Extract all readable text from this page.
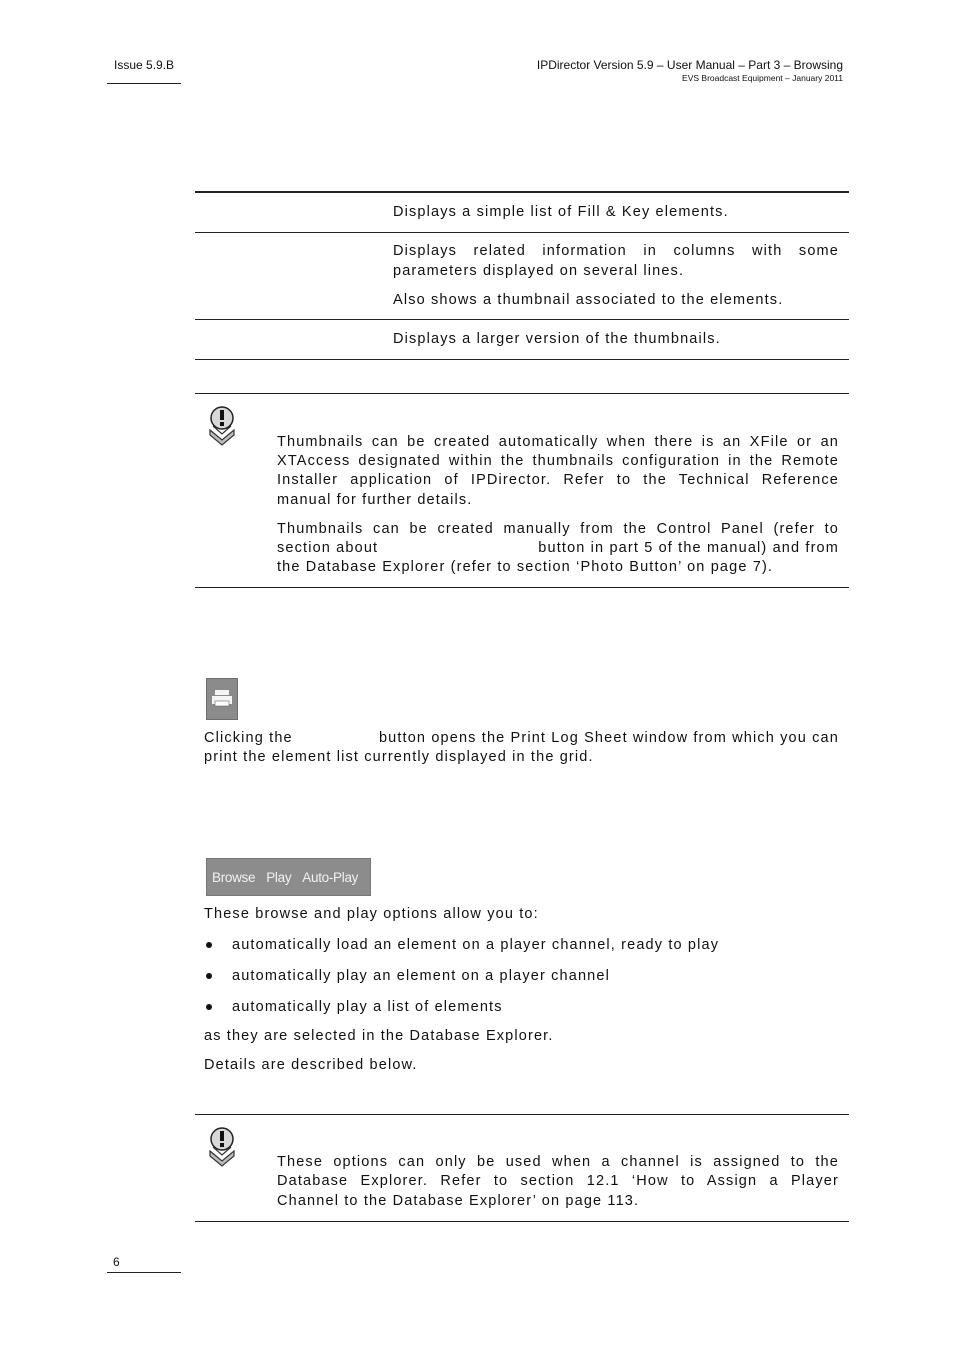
Issue 5.9.B	IPDirector Version 5.9 – User Manual – Part 3 – Browsing
EVS Broadcast Equipment – January 2011
Displays a simple list of Fill & Key elements.
Displays related information in columns with some
parameters displayed on several lines.
Also shows a thumbnail associated to the elements.
Displays a larger version of the thumbnails.
Thumbnails can be created automatically when there is an XFile or an
XTAccess designated within the thumbnails configuration in the Remote
Installer application of IPDirector. Refer to the Technical Reference
manual for further details.
Thumbnails can be created manually from the Control Panel (refer to
section about	button in part 5 of the manual) and from
the Database Explorer (refer to section ‘Photo Button’ on page 7).
Clicking the	button opens the Print Log Sheet window from which you can
print the element list currently displayed in the grid.
Browse Play Auto-Play
These browse and play options allow you to:
automatically load an element on a player channel, ready to play
automatically play an element on a player channel
automatically play a list of elements
as they are selected in the Database Explorer.
Details are described below.
These options can only be used when a channel is assigned to the
Database Explorer. Refer to section 12.1 ‘How to Assign a Player
Channel to the Database Explorer’ on page 113.
6
